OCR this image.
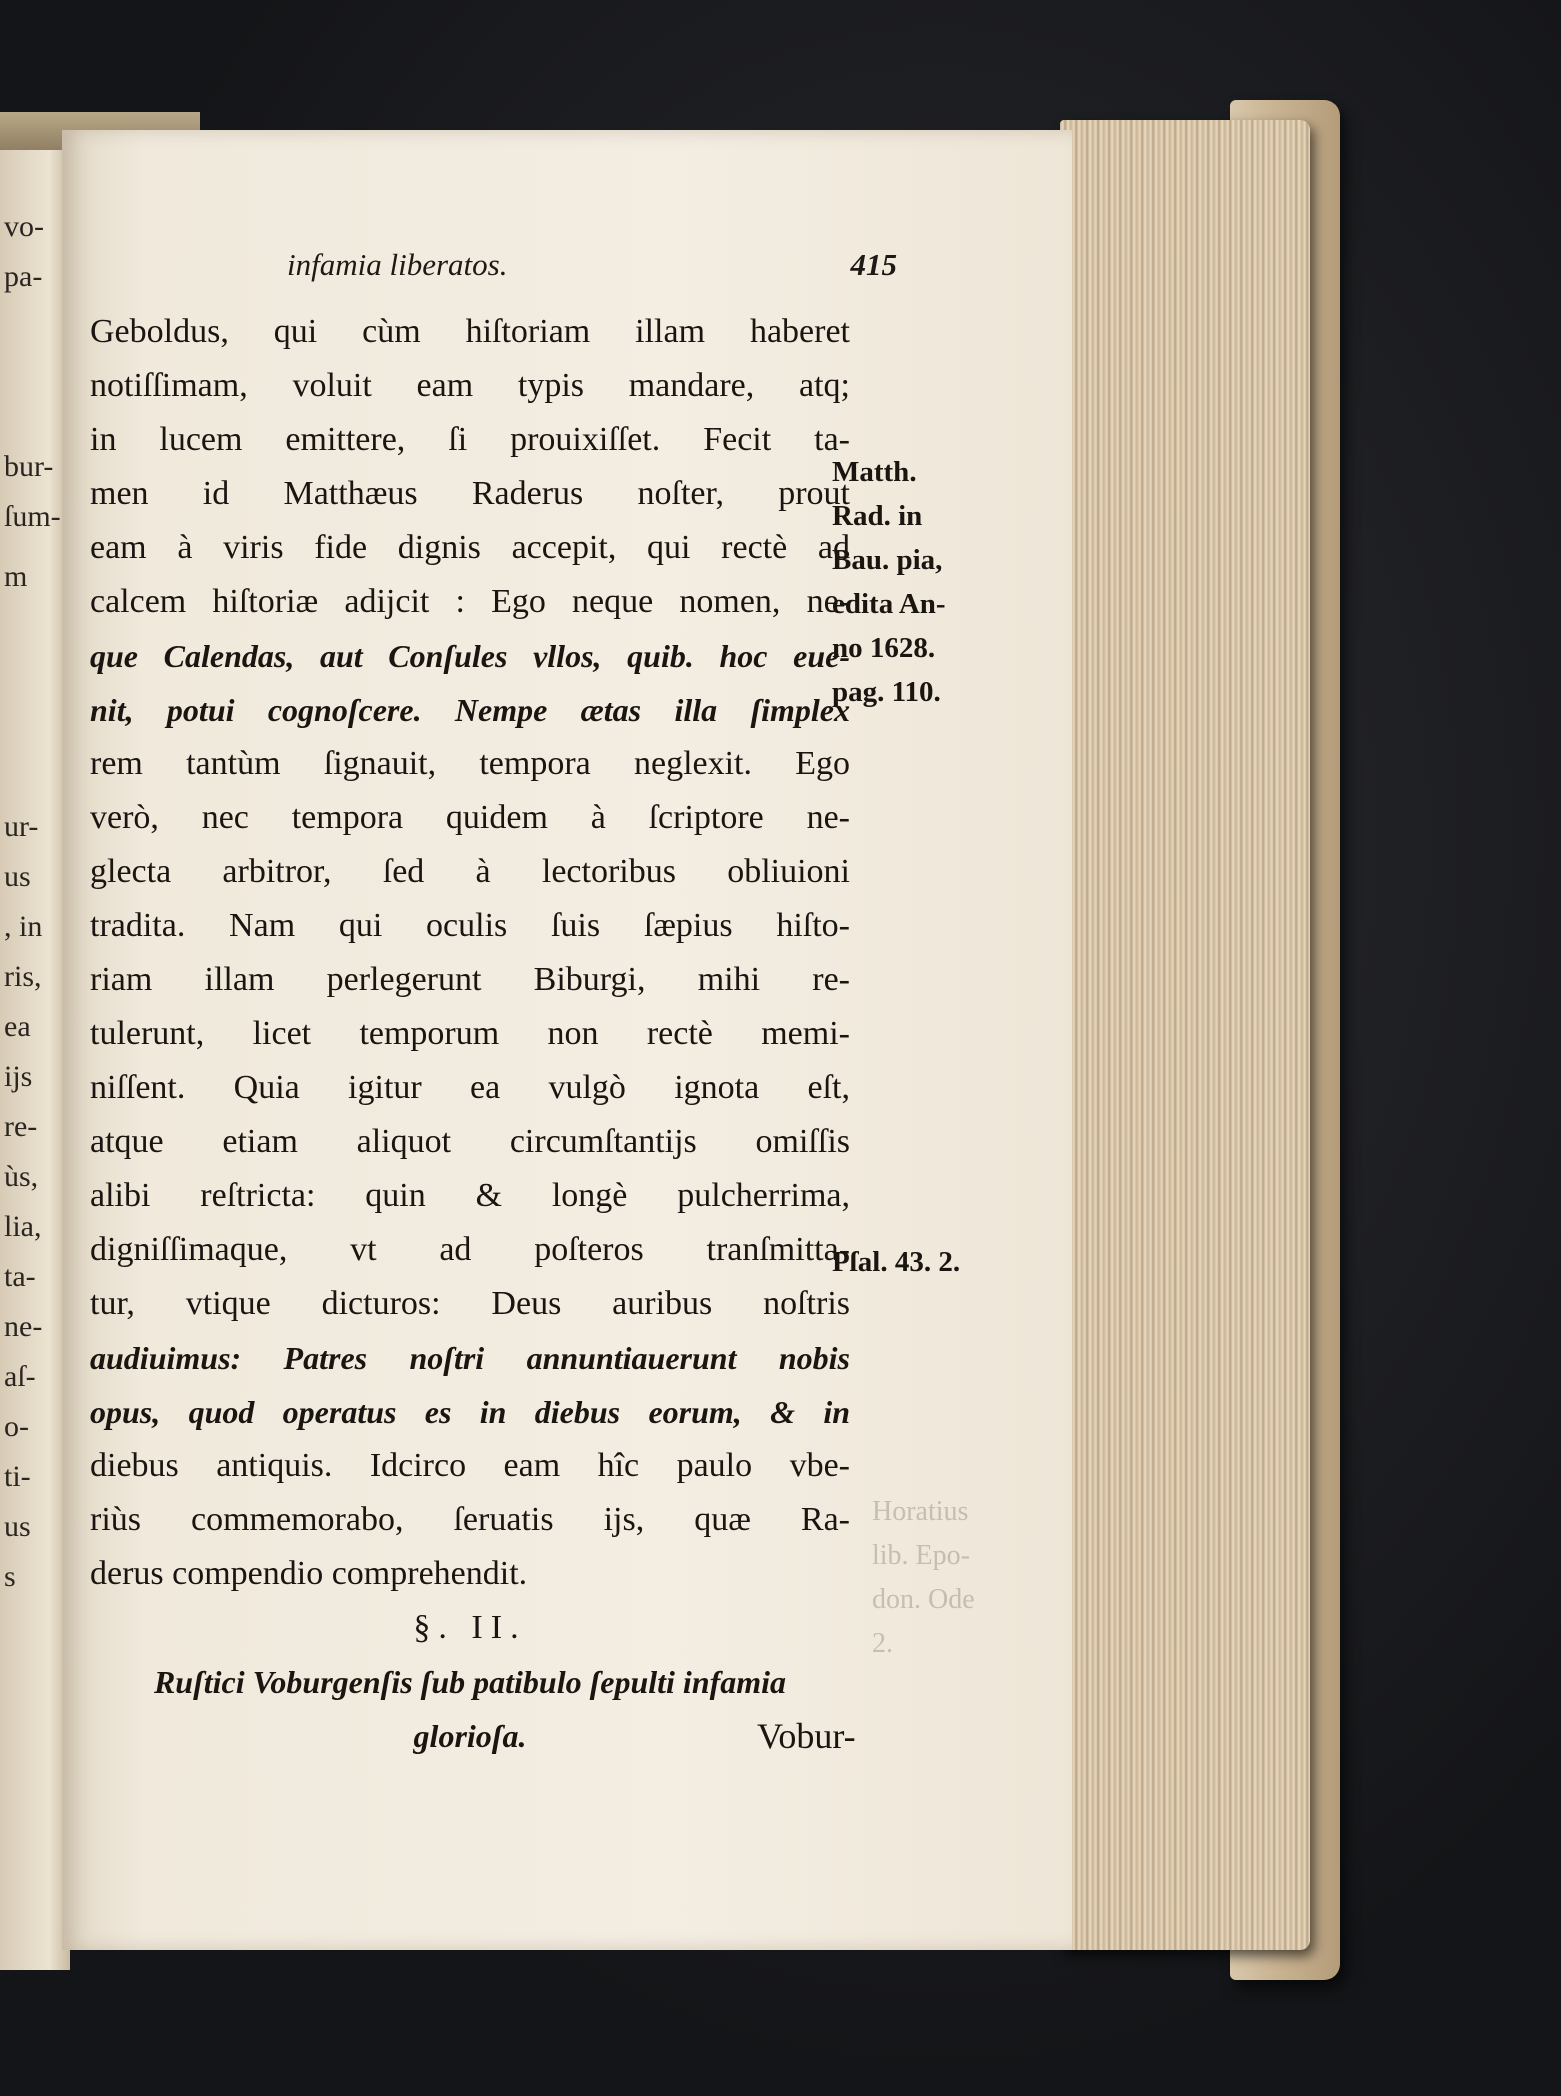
vo-
pa-
bur-
ſum-
m
ur-
us
, in
ris,
ea
ijs
re-
ùs,
lia,
ta-
ne-
aſ-
o-
ti-
us
s
infamia liberatos.	415
Geboldus, qui cùm hiſtoriam illam haberet
notiſſimam, voluit eam typis mandare, atq;
in lucem emittere, ſi prouixiſſet. Fecit ta-
men id Matthæus Raderus noſter, prout
eam à viris fide dignis accepit, qui rectè ad
calcem hiſtoriæ adijcit : Ego neque nomen, ne-
que Calendas, aut Conſules vllos, quib. hoc eue-
nit, potui cognoſcere. Nempe ætas illa ſimplex
rem tantùm ſignauit, tempora neglexit. Ego
verò, nec tempora quidem à ſcriptore ne-
glecta arbitror, ſed à lectoribus obliuioni
tradita. Nam qui oculis ſuis ſæpius hiſto-
riam illam perlegerunt Biburgi, mihi re-
tulerunt, licet temporum non rectè memi-
niſſent. Quia igitur ea vulgò ignota eſt,
atque etiam aliquot circumſtantijs omiſſis
alibi reſtricta: quin & longè pulcherrima,
digniſſimaque, vt ad poſteros tranſmitta-
tur, vtique dicturos: Deus auribus noſtris
audiuimus: Patres noſtri annuntiauerunt nobis
opus, quod operatus es in diebus eorum, & in
diebus antiquis. Idcirco eam hîc paulo vbe-
riùs commemorabo, ſeruatis ijs, quæ Ra-
derus compendio comprehendit.
§. II.
Ruſtici Voburgenſis ſub patibulo ſepulti infamia
glorioſa.
Matth.
Rad. in
Bau. pia,
edita An-
no 1628.
pag. 110.
Pſal. 43. 2.
Horatius
lib. Epo-
don. Ode
2.
Vobur-
